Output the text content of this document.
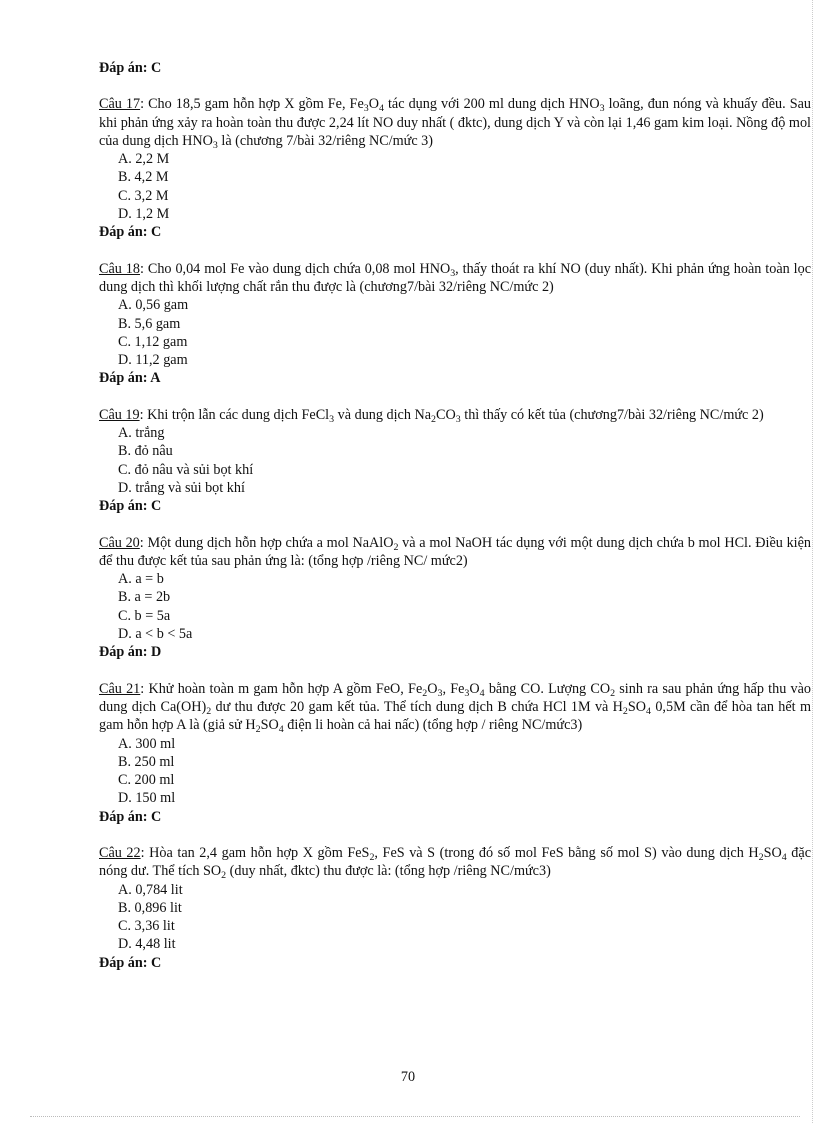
Đáp án: C
Câu 17: Cho 18,5 gam hỗn hợp X gồm Fe, $Fe_3O_4$ tác dụng với 200 ml dung dịch $HNO_3$ loãng, đun nóng và khuấy đều. Sau khi phản ứng xảy ra hoàn toàn thu được 2,24 lít NO duy nhất ( đktc), dung dịch Y và còn lại 1,46 gam kim loại. Nồng độ mol của dung dịch $HNO_3$ là (chương 7/bài 32/riêng NC/mức 3)
A. 2,2 M
B. 4,2 M
C. 3,2 M
D. 1,2 M
Đáp án: C
Câu 18: Cho 0,04 mol Fe vào dung dịch chứa 0,08 mol $HNO_3$, thấy thoát ra khí NO (duy nhất). Khi phản ứng hoàn toàn lọc dung dịch thì khối lượng chất rắn thu được là (chương7/bài 32/riêng NC/mức 2)
A. 0,56 gam
B. 5,6 gam
C. 1,12 gam
D. 11,2 gam
Đáp án: A
Câu 19: Khi trộn lẫn các dung dịch FeCl$_3$ và dung dịch $Na_2CO_3$ thì thấy có kết tủa (chương7/bài 32/riêng NC/mức 2)
A. trắng
B. đỏ nâu
C. đỏ nâu và sủi bọt khí
D. trắng và sủi bọt khí
Đáp án: C
Câu 20: Một dung dịch hỗn hợp chứa a mol NaAlO$_2$ và a mol NaOH tác dụng với một dung dịch chứa b mol HCl. Điều kiện để thu được kết tủa sau phản ứng là: (tổng hợp /riêng NC/ mức2)
A. a = b
B. a = 2b
C. b = 5a
D. a < b < 5a
Đáp án: D
Câu 21: Khử hoàn toàn m gam hỗn hợp A gồm FeO, $Fe_2O_3$, $Fe_3O_4$ bằng CO. Lượng $CO_2$ sinh ra sau phản ứng hấp thu vào dung dịch $Ca(OH)_2$ dư thu được 20 gam kết tủa. Thể tích dung dịch B chứa HCl 1M và $H_2SO_4$ 0,5M cần để hòa tan hết m gam hỗn hợp A là (giả sử $H_2SO_4$ điện li hoàn cả hai nấc) (tổng hợp / riêng NC/mức3)
A. 300 ml
B. 250 ml
C. 200 ml
D. 150 ml
Đáp án: C
Câu 22: Hòa tan 2,4 gam hỗn hợp X gồm FeS$_2$, FeS và S (trong đó số mol FeS bằng số mol S) vào dung dịch $H_2SO_4$ đặc nóng dư. Thể tích $SO_2$ (duy nhất, đktc) thu được là: (tổng hợp /riêng NC/mức3)
A. 0,784 lit
B. 0,896 lit
C. 3,36 lit
D. 4,48 lit
Đáp án: C
70
